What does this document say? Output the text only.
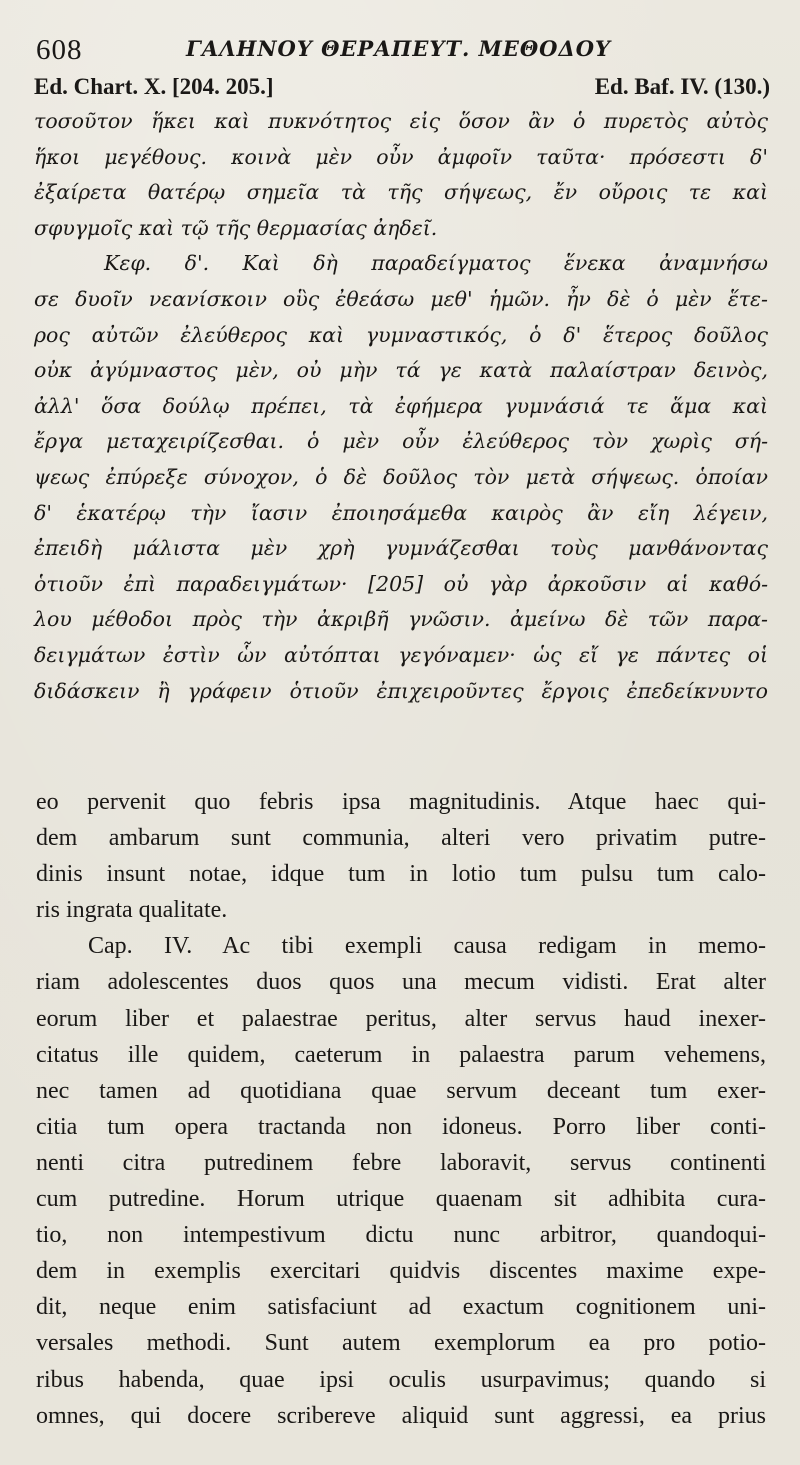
608	ΓΑΛΗΝΟΥ ΘΕΡΑΠΕΥΤ. ΜΕΘΟΔΟΥ
Ed. Chart. X. [204. 205.]	Ed. Baf. IV. (130.)
τοσοῦτον ἥκει καὶ πυκνότητος εἰς ὅσον ἂν ὁ πυρετὸς αὐτὸς
ἥκοι μεγέθους. κοινὰ μὲν οὖν ἀμφοῖν ταῦτα· πρόσεστι δ'
ἐξαίρετα θατέρῳ σημεῖα τὰ τῆς σήψεως, ἔν οὔροις τε καὶ
σφυγμοῖς καὶ τῷ τῆς θερμασίας ἀηδεῖ.
Κεφ. δ'. Καὶ δὴ παραδείγματος ἕνεκα ἀναμνήσω
σε δυοῖν νεανίσκοιν οὓς ἐθεάσω μεθ' ἡμῶν. ἦν δὲ ὁ μὲν ἕτε-
ρος αὐτῶν ἐλεύθερος καὶ γυμναστικός, ὁ δ' ἕτερος δοῦλος
οὐκ ἀγύμναστος μὲν, οὐ μὴν τά γε κατὰ παλαίστραν δεινὸς,
ἀλλ' ὅσα δούλῳ πρέπει, τὰ ἐφήμερα γυμνάσιά τε ἅμα καὶ
ἔργα μεταχειρίζεσθαι. ὁ μὲν οὖν ἐλεύθερος τὸν χωρὶς σή-
ψεως ἐπύρεξε σύνοχον, ὁ δὲ δοῦλος τὸν μετὰ σήψεως. ὁποίαν
δ' ἑκατέρῳ τὴν ἴασιν ἐποιησάμεθα καιρὸς ἂν εἴη λέγειν,
ἐπειδὴ μάλιστα μὲν χρὴ γυμνάζεσθαι τοὺς μανθάνοντας
ὁτιοῦν ἐπὶ παραδειγμάτων· [205] οὐ γὰρ ἀρκοῦσιν αἱ καθό-
λου μέθοδοι πρὸς τὴν ἀκριβῆ γνῶσιν. ἀμείνω δὲ τῶν παρα-
δειγμάτων ἐστὶν ὧν αὐτόπται γεγόναμεν· ὡς εἴ γε πάντες οἱ
διδάσκειν ἢ γράφειν ὁτιοῦν ἐπιχειροῦντες ἔργοις ἐπεδείκνυντο
eo pervenit quo febris ipsa magnitudinis. Atque haec qui-
dem ambarum sunt communia, alteri vero privatim putre-
dinis insunt notae, idque tum in lotio tum pulsu tum calo-
ris ingrata qualitate.
Cap. IV. Ac tibi exempli causa redigam in memo-
riam adolescentes duos quos una mecum vidisti. Erat alter
eorum liber et palaestrae peritus, alter servus haud inexer-
citatus ille quidem, caeterum in palaestra parum vehemens,
nec tamen ad quotidiana quae servum deceant tum exer-
citia tum opera tractanda non idoneus. Porro liber conti-
nenti citra putredinem febre laboravit, servus continenti
cum putredine. Horum utrique quaenam sit adhibita cura-
tio, non intempestivum dictu nunc arbitror, quandoqui-
dem in exemplis exercitari quidvis discentes maxime expe-
dit, neque enim satisfaciunt ad exactum cognitionem uni-
versales methodi. Sunt autem exemplorum ea pro potio-
ribus habenda, quae ipsi oculis usurpavimus; quando si
omnes, qui docere scribereve aliquid sunt aggressi, ea prius
